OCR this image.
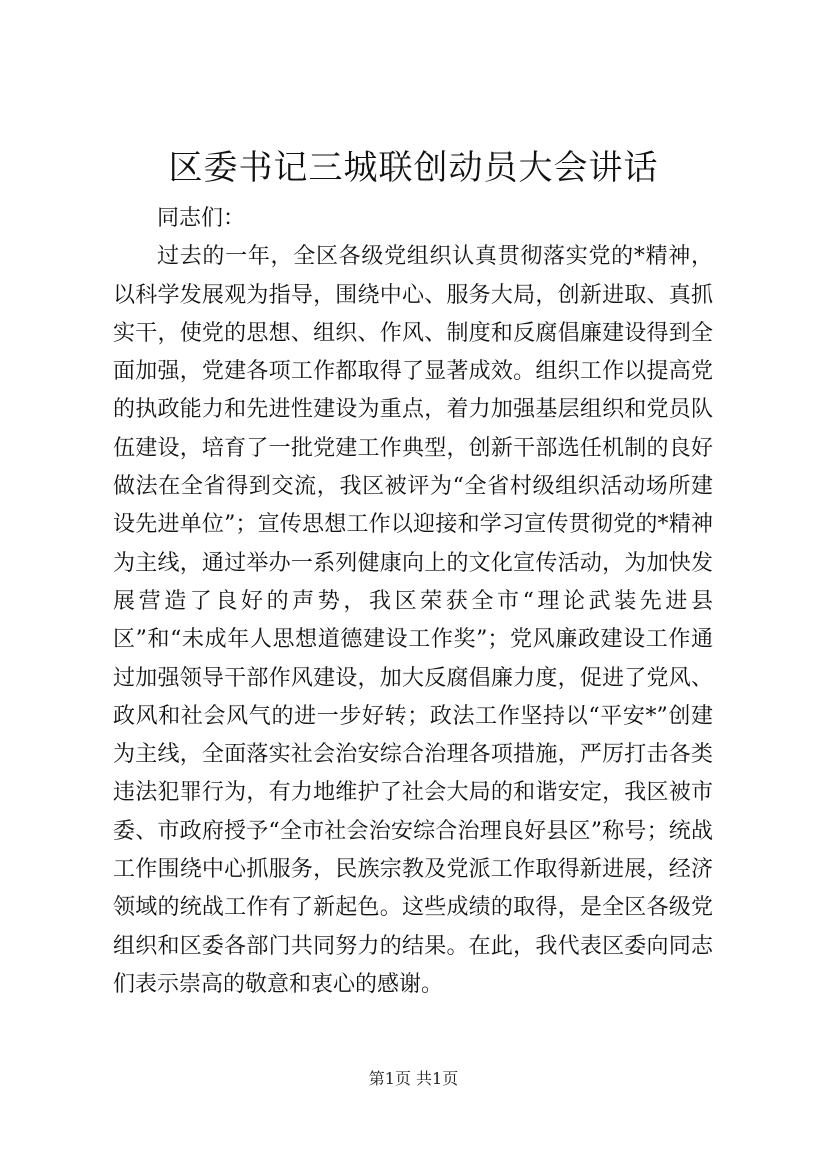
区委书记三城联创动员大会讲话

同志们：

过去的一年，全区各级党组织认真贯彻落实党的*精神，以科学发展观为指导，围绕中心、服务大局，创新进取、真抓实干，使党的思想、组织、作风、制度和反腐倡廉建设得到全面加强，党建各项工作都取得了显著成效。组织工作以提高党的执政能力和先进性建设为重点，着力加强基层组织和党员队伍建设，培育了一批党建工作典型，创新干部选任机制的良好做法在全省得到交流，我区被评为“全省村级组织活动场所建设先进单位”；宣传思想工作以迎接和学习宣传贯彻党的*精神为主线，通过举办一系列健康向上的文化宣传活动，为加快发展营造了良好的声势，我区荣获全市“理论武装先进县区”和“未成年人思想道德建设工作奖”；党风廉政建设工作通过加强领导干部作风建设，加大反腐倡廉力度，促进了党风、政风和社会风气的进一步好转；政法工作坚持以“平安*”创建为主线，全面落实社会治安综合治理各项措施，严厉打击各类违法犯罪行为，有力地维护了社会大局的和谐安定，我区被市委、市政府授予“全市社会治安综合治理良好县区”称号；统战工作围绕中心抓服务，民族宗教及党派工作取得新进展，经济领域的统战工作有了新起色。这些成绩的取得，是全区各级党组织和区委各部门共同努力的结果。在此，我代表区委向同志们表示崇高的敬意和衷心的感谢。

第1页 共1页
